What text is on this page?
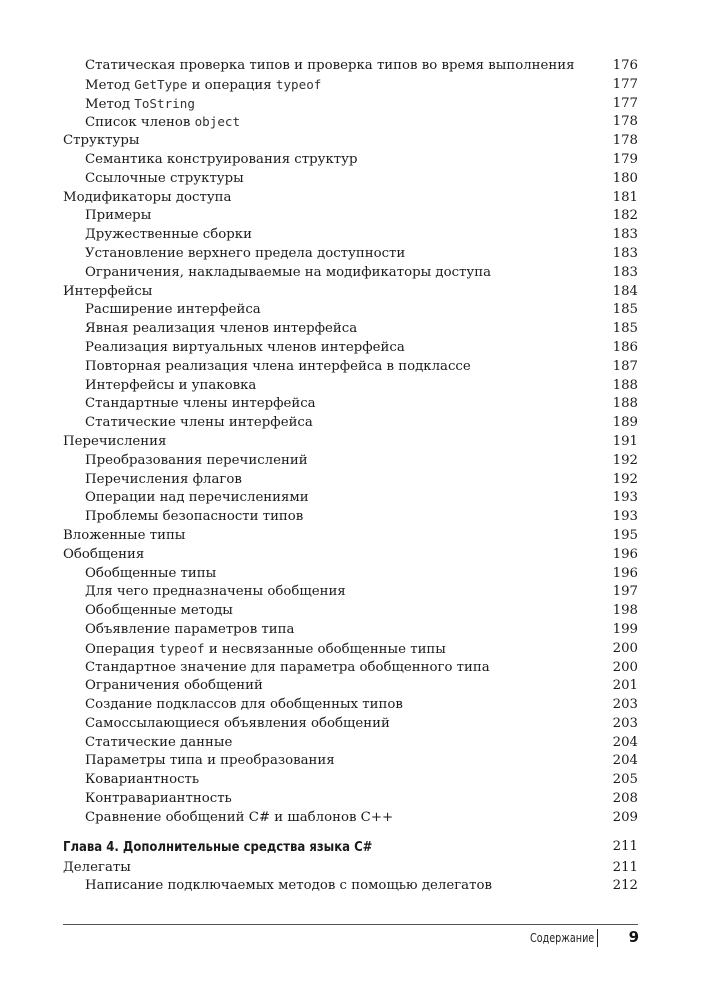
Статическая проверка типов и проверка типов во время выполнения	176
Метод GetType и операция typeof	177
Метод ToString	177
Список членов object	178
Структуры	178
Семантика конструирования структур	179
Ссылочные структуры	180
Модификаторы доступа	181
Примеры	182
Дружественные сборки	183
Установление верхнего предела доступности	183
Ограничения, накладываемые на модификаторы доступа	183
Интерфейсы	184
Расширение интерфейса	185
Явная реализация членов интерфейса	185
Реализация виртуальных членов интерфейса	186
Повторная реализация члена интерфейса в подклассе	187
Интерфейсы и упаковка	188
Стандартные члены интерфейса	188
Статические члены интерфейса	189
Перечисления	191
Преобразования перечислений	192
Перечисления флагов	192
Операции над перечислениями	193
Проблемы безопасности типов	193
Вложенные типы	195
Обобщения	196
Обобщенные типы	196
Для чего предназначены обобщения	197
Обобщенные методы	198
Объявление параметров типа	199
Операция typeof и несвязанные обобщенные типы	200
Стандартное значение для параметра обобщенного типа	200
Ограничения обобщений	201
Создание подклассов для обобщенных типов	203
Самоссылающиеся объявления обобщений	203
Статические данные	204
Параметры типа и преобразования	204
Ковариантность	205
Контравариантность	208
Сравнение обобщений C# и шаблонов C++	209
Глава 4. Дополнительные средства языка C#	211
Делегаты	211
Написание подключаемых методов с помощью делегатов	212
Содержание 9
